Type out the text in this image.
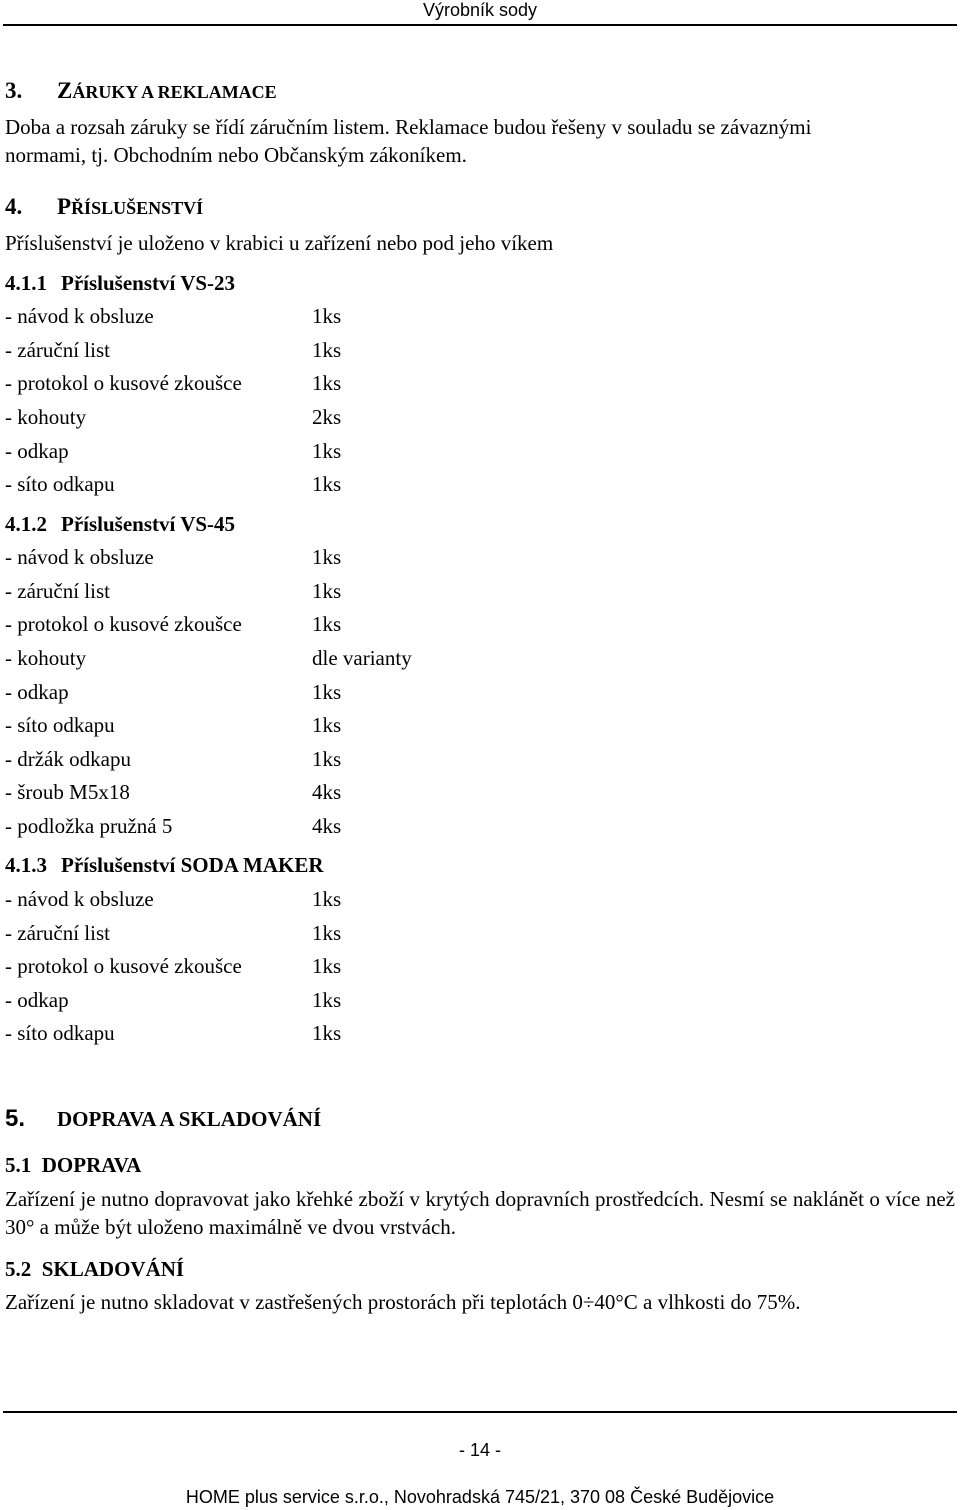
Výrobník sody
3. ZÁRUKY A REKLAMACE
Doba a rozsah záruky se řídí záručním listem. Reklamace budou řešeny v souladu se závaznými
normami, tj. Obchodním nebo Občanským zákoníkem.
4. PŘÍSLUŠENSTVÍ
Příslušenství je uloženo v krabici u zařízení nebo pod jeho víkem
4.1.1 Příslušenství VS-23
- návod k obsluze	1ks
- záruční list	1ks
- protokol o kusové zkoušce	1ks
- kohouty	2ks
- odkap	1ks
- síto odkapu	1ks
4.1.2 Příslušenství VS-45
- návod k obsluze	1ks
- záruční list	1ks
- protokol o kusové zkoušce	1ks
- kohouty	dle varianty
- odkap	1ks
- síto odkapu	1ks
- držák odkapu	1ks
- šroub M5x18	4ks
- podložka pružná 5	4ks
4.1.3 Příslušenství SODA MAKER
- návod k obsluze	1ks
- záruční list	1ks
- protokol o kusové zkoušce	1ks
- odkap	1ks
- síto odkapu	1ks
5. DOPRAVA A SKLADOVÁNÍ
5.1  DOPRAVA
Zařízení je nutno dopravovat jako křehké zboží v krytých dopravních prostředcích. Nesmí se naklánět o více než 30° a může být uloženo maximálně ve dvou vrstvách.
5.2  SKLADOVÁNÍ
Zařízení je nutno skladovat v zastřešených prostorách při teplotách 0÷40°C a vlhkosti do 75%.
- 14 -
HOME plus service s.r.o., Novohradská 745/21, 370 08 České Budějovice
